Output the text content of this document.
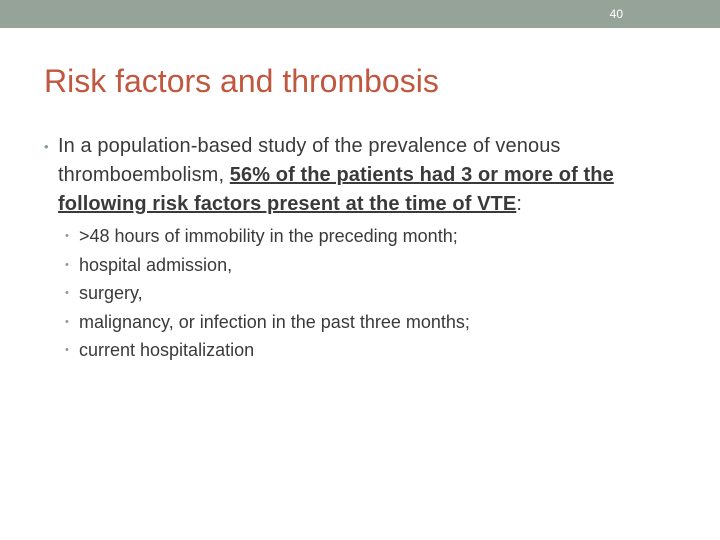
40
Risk factors and thrombosis
• In a population-based study of the prevalence of venous thromboembolism, 56% of the patients had 3 or more of the following risk factors present at the time of VTE:
• >48 hours of immobility in the preceding month;
• hospital admission,
• surgery,
• malignancy, or infection in the past three months;
• current hospitalization
